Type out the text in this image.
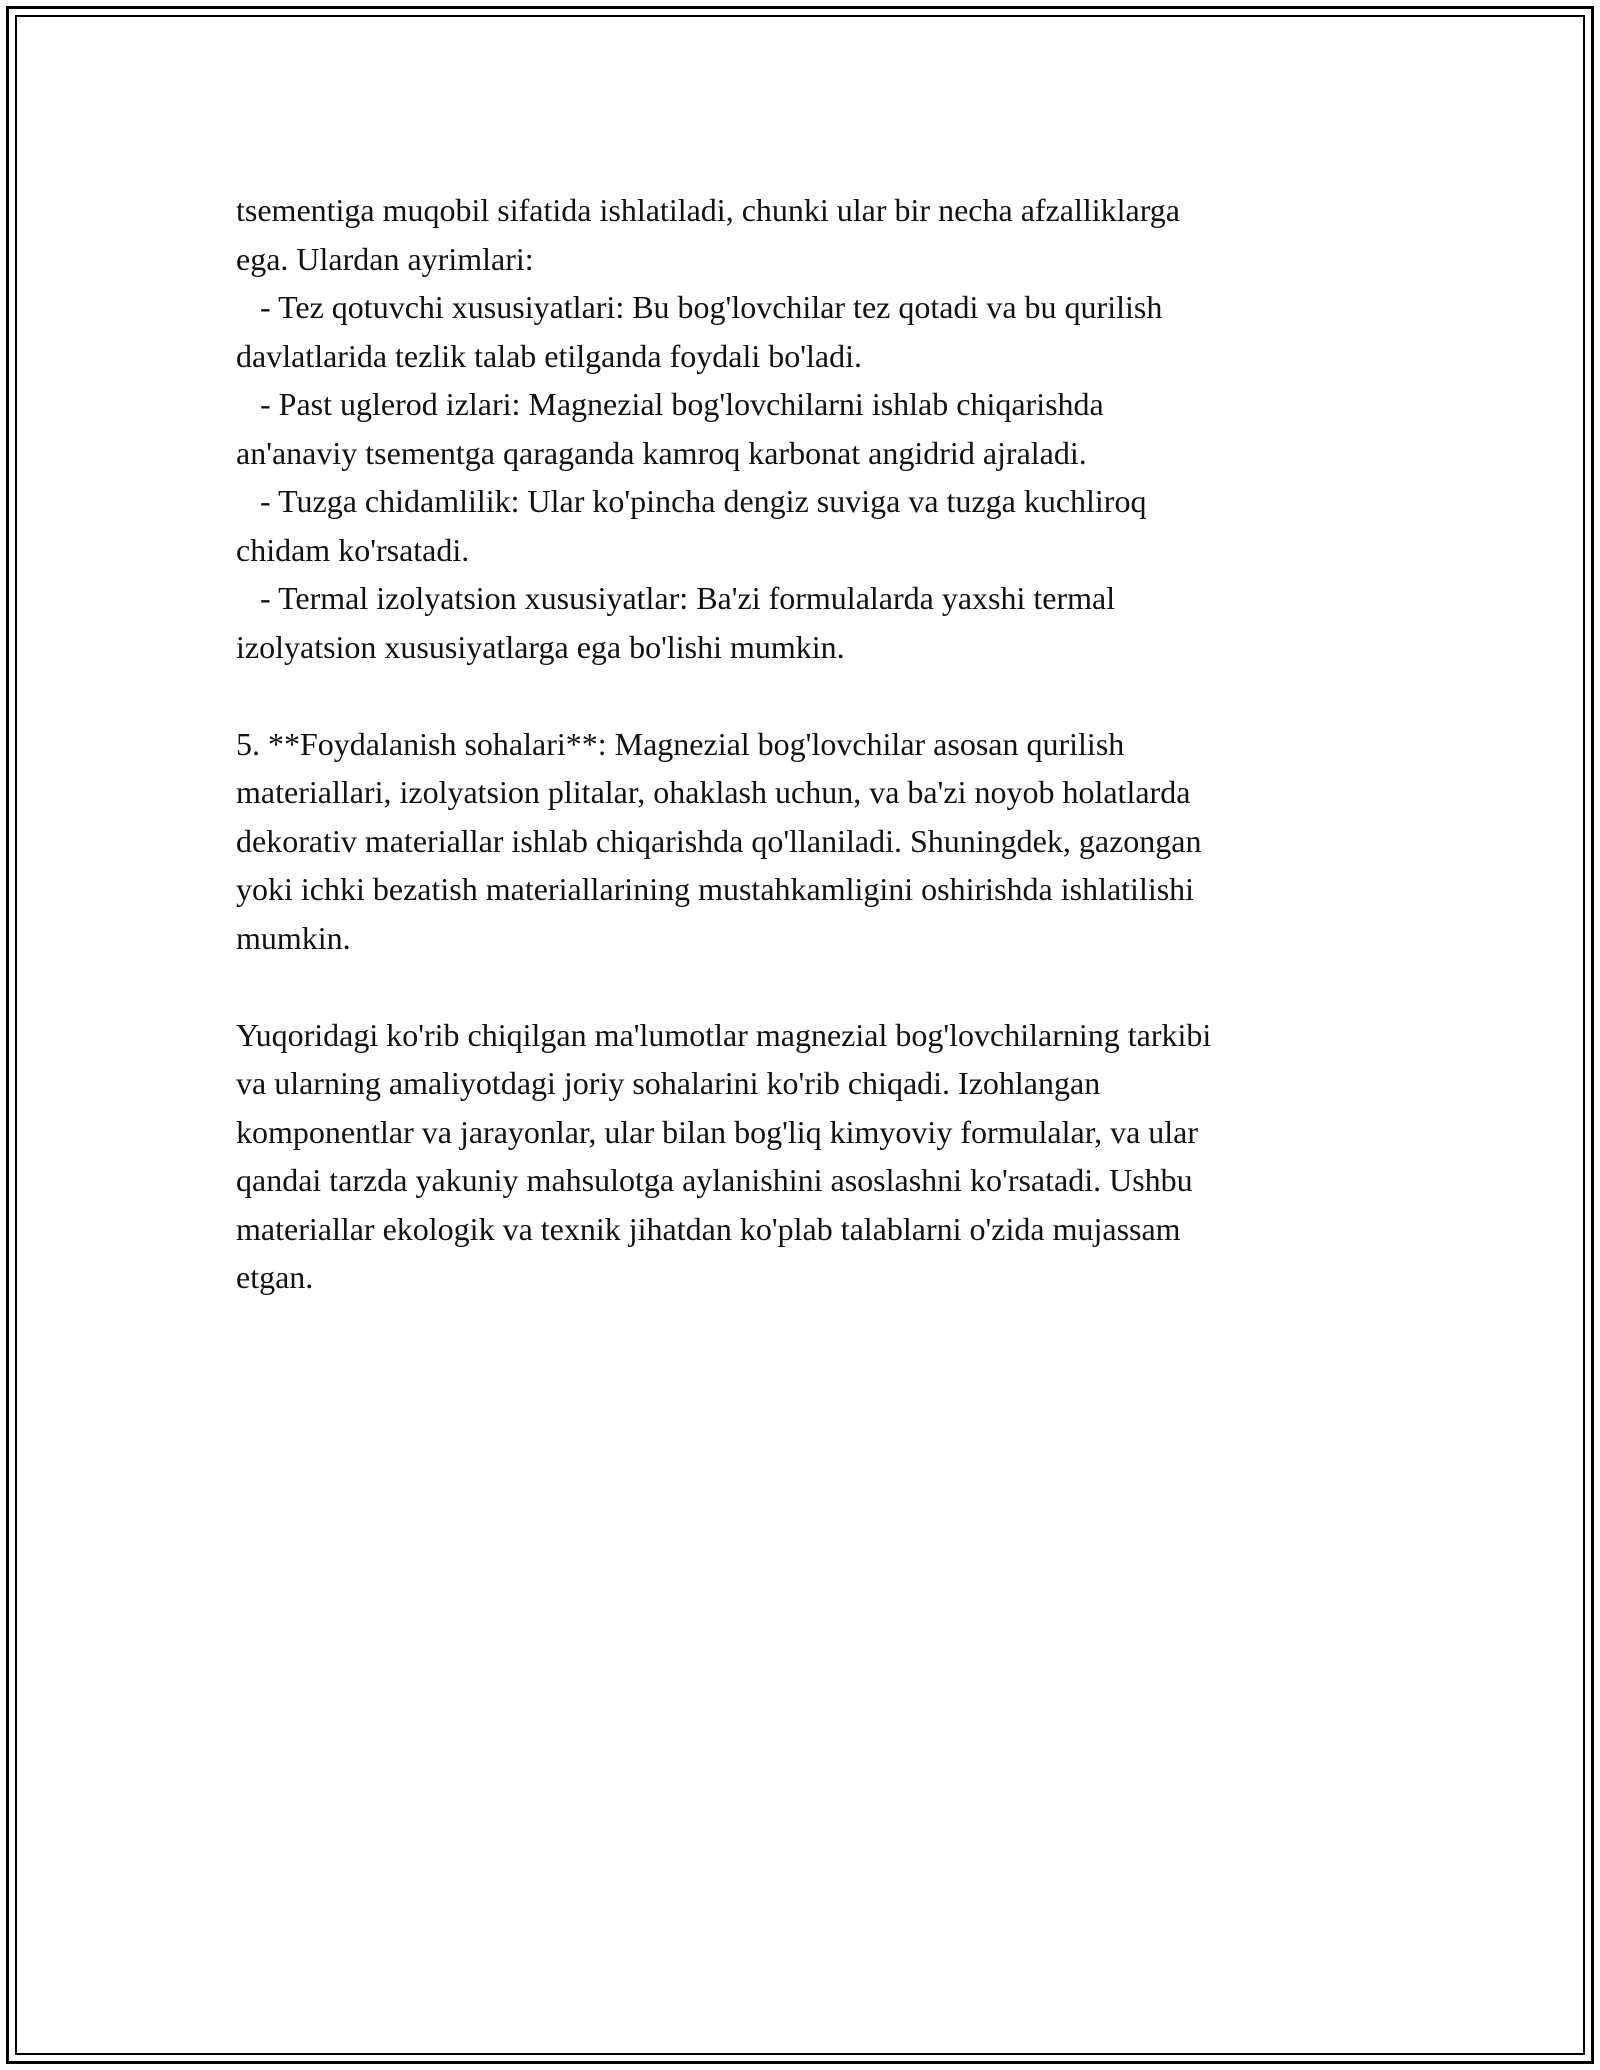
tsementiga muqobil sifatida ishlatiladi, chunki ular bir necha afzalliklarga
ega. Ulardan ayrimlari:
- Tez qotuvchi xususiyatlari: Bu bog'lovchilar tez qotadi va bu qurilish
davlatlarida tezlik talab etilganda foydali bo'ladi.
- Past uglerod izlari: Magnezial bog'lovchilarni ishlab chiqarishda
an'anaviy tsementga qaraganda kamroq karbonat angidrid ajraladi.
- Tuzga chidamlilik: Ular ko'pincha dengiz suviga va tuzga kuchliroq
chidam ko'rsatadi.
- Termal izolyatsion xususiyatlar: Ba'zi formulalarda yaxshi termal
izolyatsion xususiyatlarga ega bo'lishi mumkin.
5. **Foydalanish sohalari**: Magnezial bog'lovchilar asosan qurilish
materiallari, izolyatsion plitalar, ohaklash uchun, va ba'zi noyob holatlarda
dekorativ materiallar ishlab chiqarishda qo'llaniladi. Shuningdek, gazongan
yoki ichki bezatish materiallarining mustahkamligini oshirishda ishlatilishi
mumkin.
Yuqoridagi ko'rib chiqilgan ma'lumotlar magnezial bog'lovchilarning tarkibi
va ularning amaliyotdagi joriy sohalarini ko'rib chiqadi. Izohlangan
komponentlar va jarayonlar, ular bilan bog'liq kimyoviy formulalar, va ular
qandai tarzda yakuniy mahsulotga aylanishini asoslashni ko'rsatadi. Ushbu
materiallar ekologik va texnik jihatdan ko'plab talablarni o'zida mujassam
etgan.
